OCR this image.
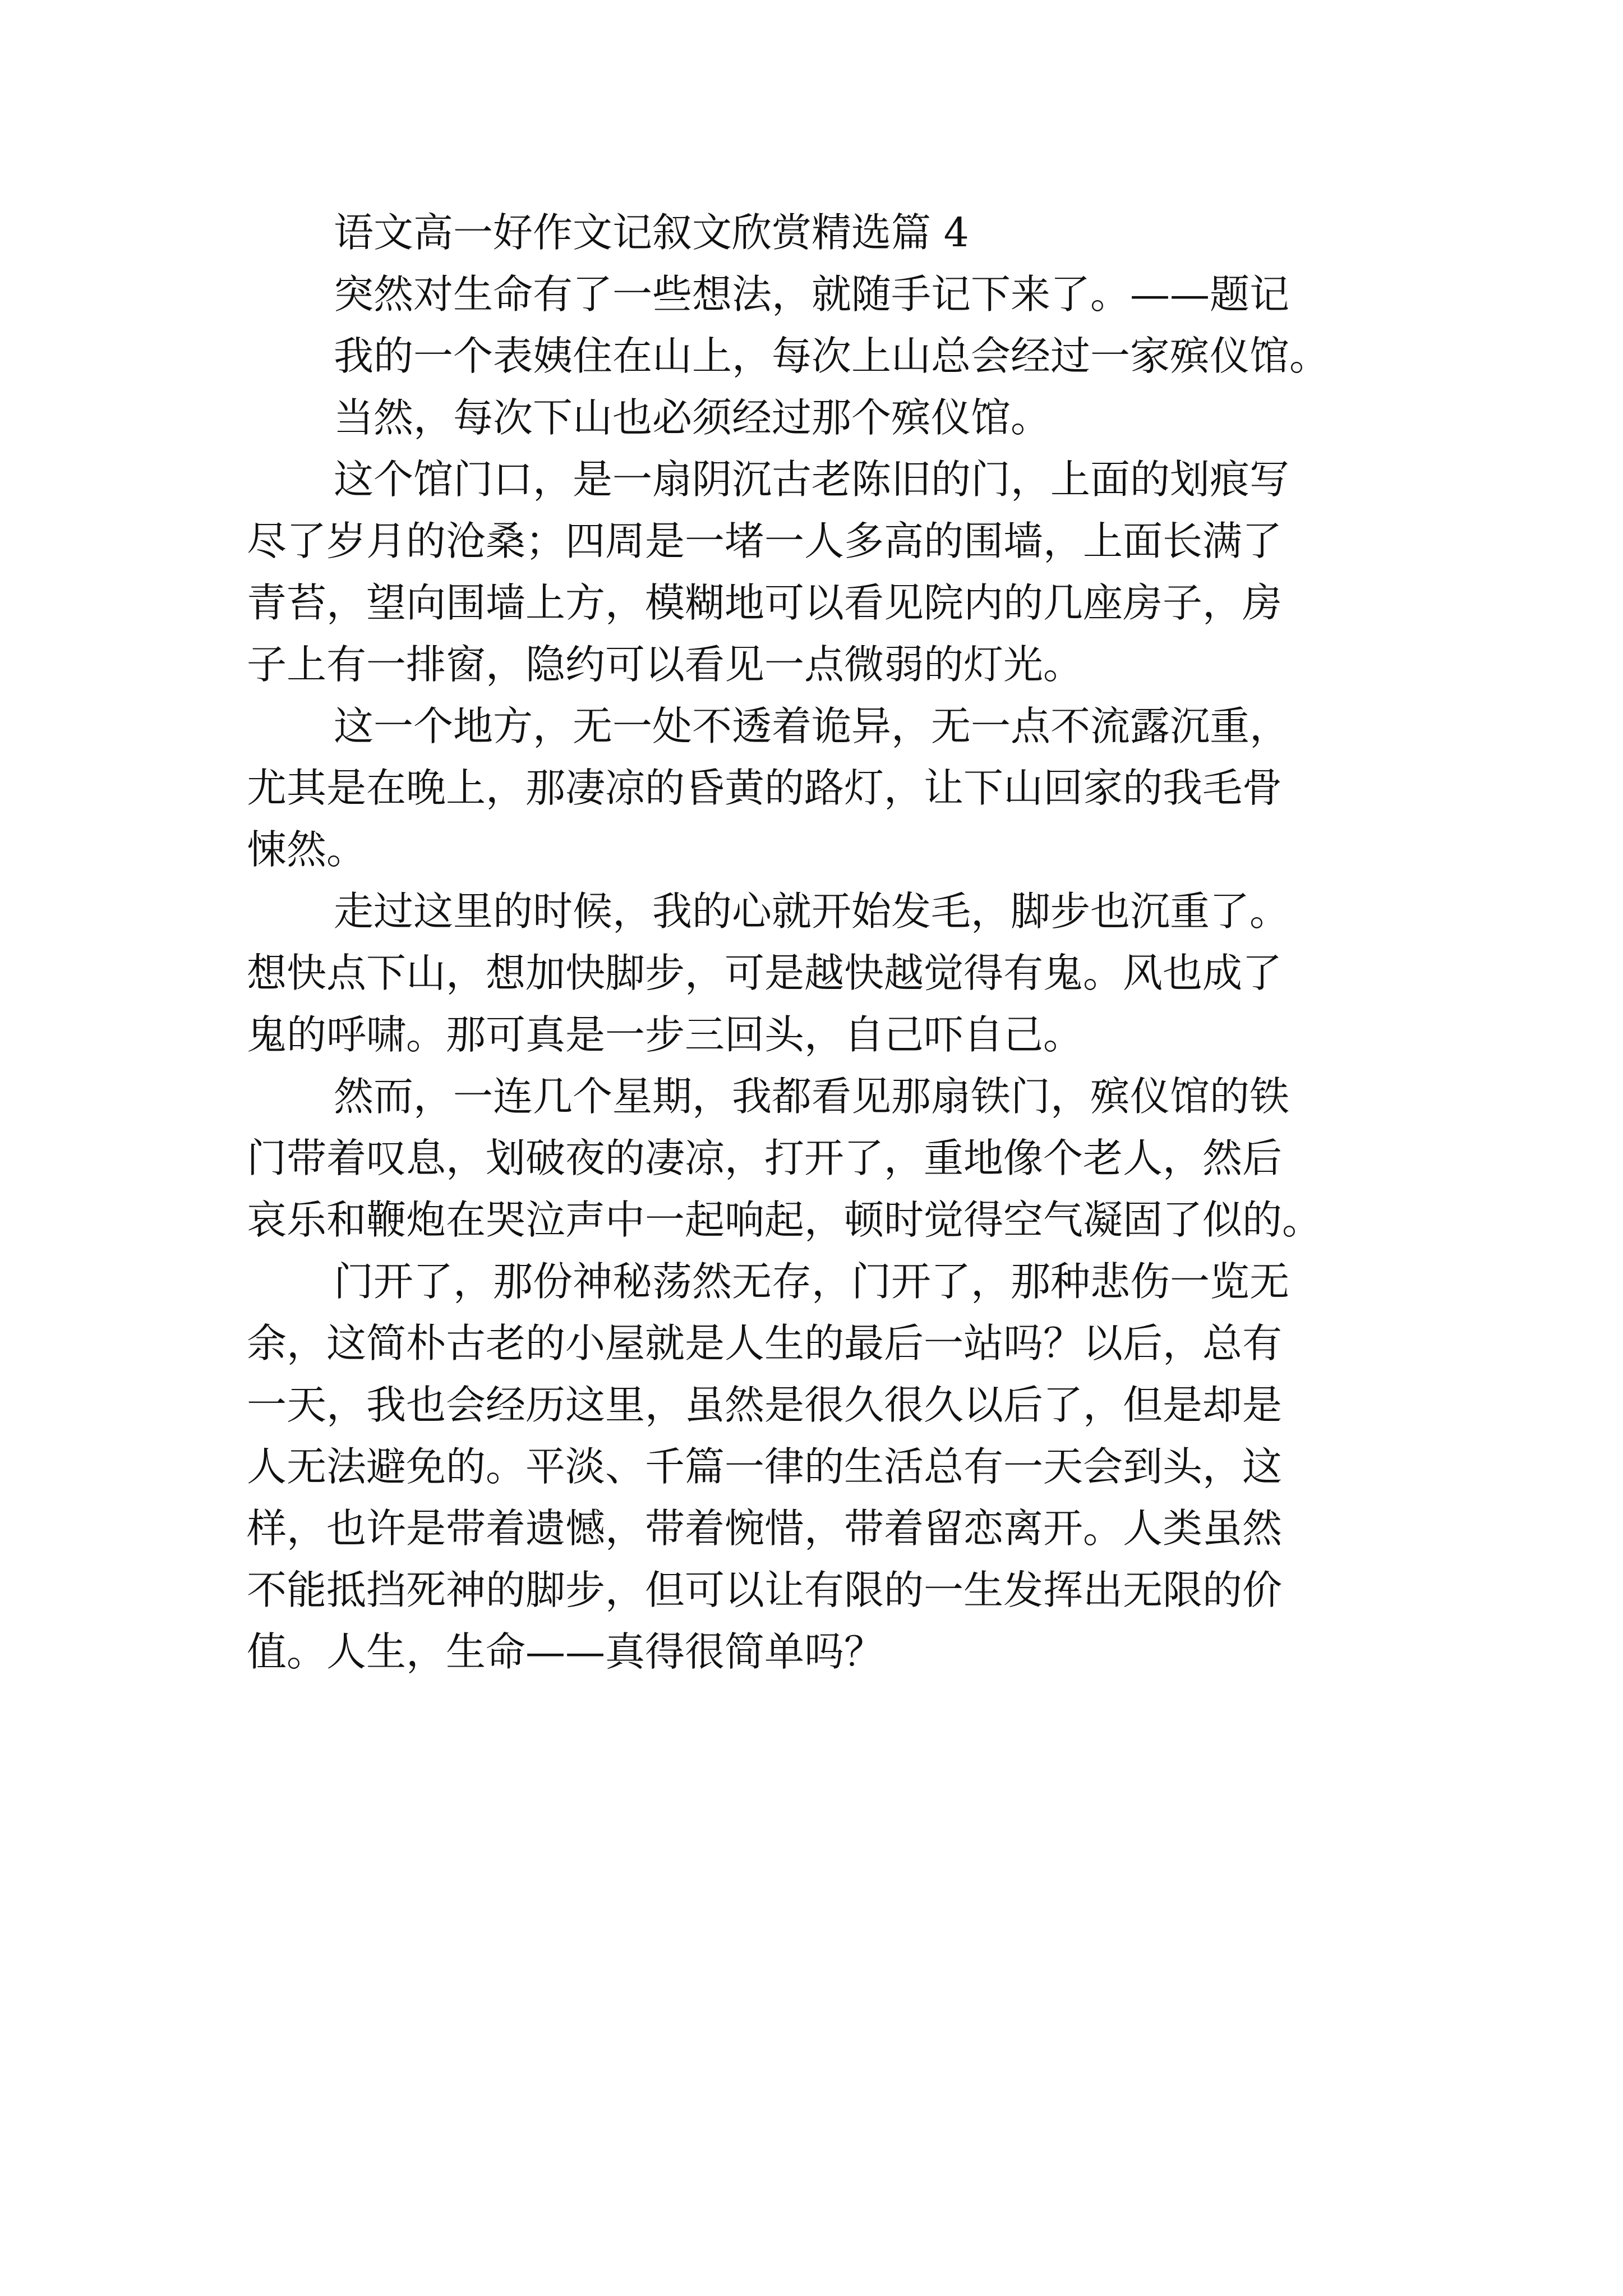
语文高一好作文记叙文欣赏精选篇 4
突然对生命有了一些想法，就随手记下来了。——题记
我的一个表姨住在山上，每次上山总会经过一家殡仪馆。
当然，每次下山也必须经过那个殡仪馆。
这个馆门口，是一扇阴沉古老陈旧的门，上面的划痕写
尽了岁月的沧桑；四周是一堵一人多高的围墙，上面长满了
青苔，望向围墙上方，模糊地可以看见院内的几座房子，房
子上有一排窗，隐约可以看见一点微弱的灯光。
这一个地方，无一处不透着诡异，无一点不流露沉重，
尤其是在晚上，那凄凉的昏黄的路灯，让下山回家的我毛骨
悚然。
走过这里的时候，我的心就开始发毛，脚步也沉重了。
想快点下山，想加快脚步，可是越快越觉得有鬼。风也成了
鬼的呼啸。那可真是一步三回头，自己吓自己。
然而，一连几个星期，我都看见那扇铁门，殡仪馆的铁
门带着叹息，划破夜的凄凉，打开了，重地像个老人，然后
哀乐和鞭炮在哭泣声中一起响起，顿时觉得空气凝固了似的。
门开了，那份神秘荡然无存，门开了，那种悲伤一览无
余，这简朴古老的小屋就是人生的最后一站吗？以后，总有
一天，我也会经历这里，虽然是很久很久以后了，但是却是
人无法避免的。平淡、千篇一律的生活总有一天会到头，这
样，也许是带着遗憾，带着惋惜，带着留恋离开。人类虽然
不能抵挡死神的脚步，但可以让有限的一生发挥出无限的价
值。人生，生命——真得很简单吗？
